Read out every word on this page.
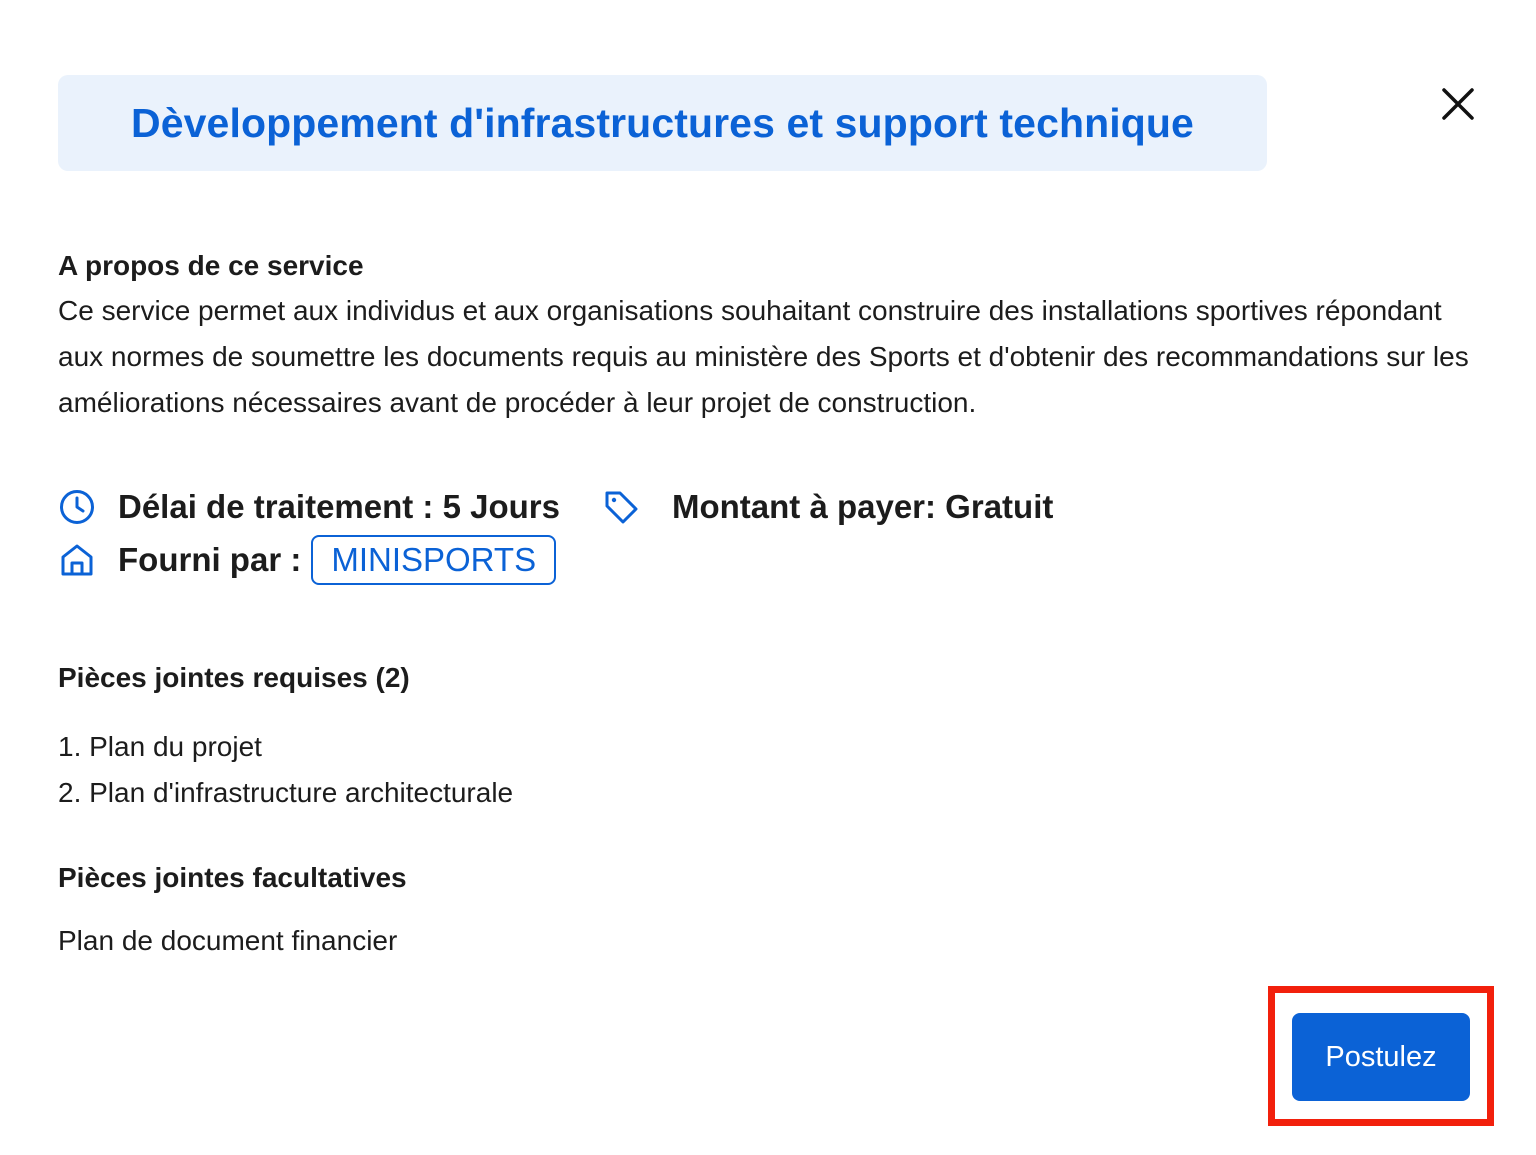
Dèveloppement d'infrastructures et support technique
A propos de ce service
Ce service permet aux individus et aux organisations souhaitant construire des installations sportives répondant aux normes de soumettre les documents requis au ministère des Sports et d'obtenir des recommandations sur les améliorations nécessaires avant de procéder à leur projet de construction.
Délai de traitement : 5 Jours	Montant à payer: Gratuit
Fourni par : MINISPORTS
Pièces jointes requises (2)
1. Plan du projet
2. Plan d'infrastructure architecturale
Pièces jointes facultatives
Plan de document financier
Postulez
